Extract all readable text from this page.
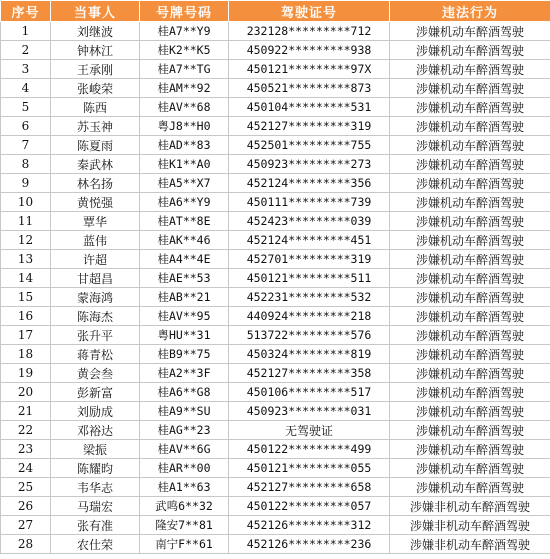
序号	当事人	号牌号码	驾驶证号	违法行为
1	刘继波	桂A7**Y9	232128*********712	涉嫌机动车醉酒驾驶
2	钟林江	桂K2**K5	450922*********938	涉嫌机动车醉酒驾驶
3	王承刚	桂A7**TG	450121*********97X	涉嫌机动车醉酒驾驶
4	张峻荣	桂AM**92	450521*********873	涉嫌机动车醉酒驾驶
5	陈西	桂AV**68	450104*********531	涉嫌机动车醉酒驾驶
6	苏玉神	粤J8**H0	452127*********319	涉嫌机动车醉酒驾驶
7	陈夏雨	桂AD**83	452501*********755	涉嫌机动车醉酒驾驶
8	秦武林	桂K1**A0	450923*********273	涉嫌机动车醉酒驾驶
9	林名扬	桂A5**X7	452124*********356	涉嫌机动车醉酒驾驶
10	黄悦强	桂A6**Y9	450111*********739	涉嫌机动车醉酒驾驶
11	覃华	桂AT**8E	452423*********039	涉嫌机动车醉酒驾驶
12	蓝伟	桂AK**46	452124*********451	涉嫌机动车醉酒驾驶
13	许超	桂A4**4E	452701*********319	涉嫌机动车醉酒驾驶
14	甘超昌	桂AE**53	450121*********511	涉嫌机动车醉酒驾驶
15	蒙海鸿	桂AB**21	452231*********532	涉嫌机动车醉酒驾驶
16	陈海杰	桂AV**95	440924*********218	涉嫌机动车醉酒驾驶
17	张升平	粤HU**31	513722*********576	涉嫌机动车醉酒驾驶
18	蒋青松	桂B9**75	450324*********819	涉嫌机动车醉酒驾驶
19	黄会叁	桂A2**3F	452127*********358	涉嫌机动车醉酒驾驶
20	彭新富	桂A6**G8	450106*********517	涉嫌机动车醉酒驾驶
21	刘励成	桂A9**SU	450923*********031	涉嫌机动车醉酒驾驶
22	邓裕达	桂AG**23	无驾驶证	涉嫌机动车醉酒驾驶
23	梁振	桂AV**6G	450122*********499	涉嫌机动车醉酒驾驶
24	陈耀昀	桂AR**00	450121*********055	涉嫌机动车醉酒驾驶
25	韦华志	桂A1**63	452127*********658	涉嫌机动车醉酒驾驶
26	马瑞宏	武鸣6**32	450122*********057	涉嫌非机动车醉酒驾驶
27	张有准	隆安7**81	452126*********312	涉嫌非机动车醉酒驾驶
28	农仕荣	南宁F**61	452126*********236	涉嫌非机动车醉酒驾驶
